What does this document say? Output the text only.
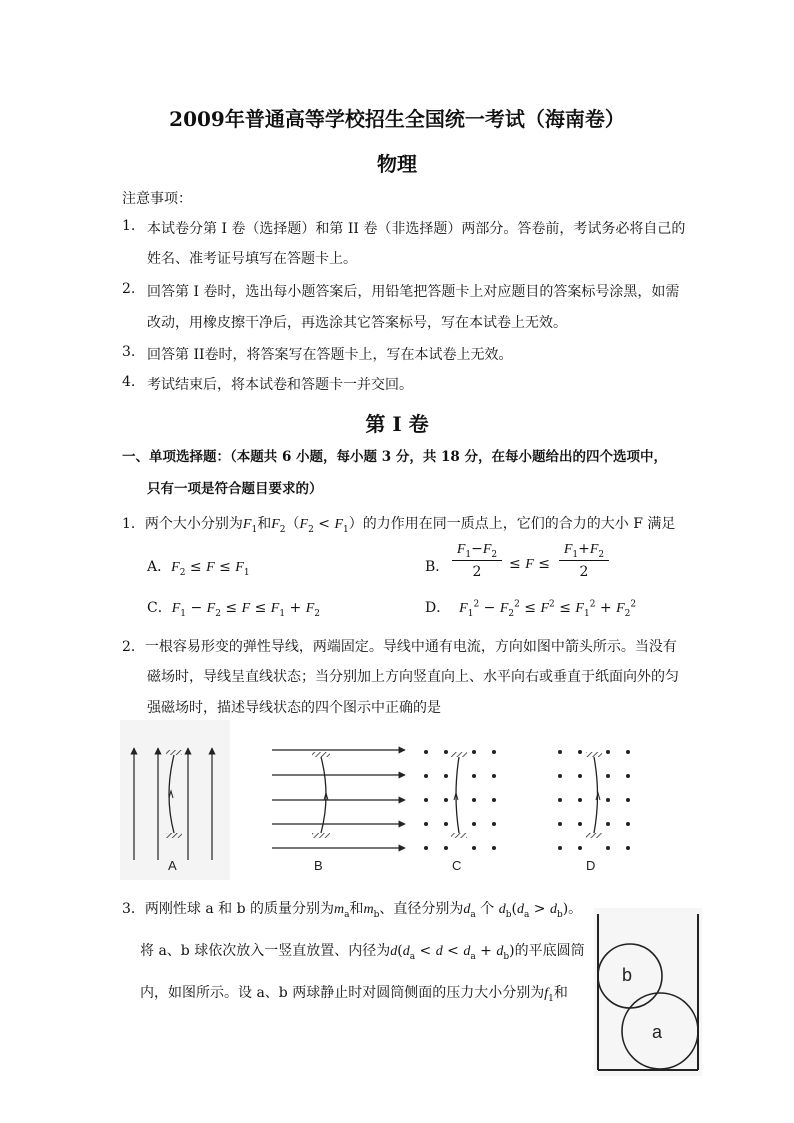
2009年普通高等学校招生全国统一考试（海南卷）
物理
注意事项：
1. 本试卷分第 I 卷（选择题）和第 II 卷（非选择题）两部分。答卷前，考试务必将自己的
姓名、准考证号填写在答题卡上。
2. 回答第 I 卷时，选出每小题答案后，用铅笔把答题卡上对应题目的答案标号涂黑，如需
改动，用橡皮擦干净后，再选涂其它答案标号，写在本试卷上无效。
3. 回答第 II卷时，将答案写在答题卡上，写在本试卷上无效。
4. 考试结束后，将本试卷和答题卡一并交回。
第 I 卷
一、单项选择题：（本题共 6 小题，每小题 3 分，共 18 分，在每小题给出的四个选项中，
只有一项是符合题目要求的）
1．两个大小分别为$F_1$和$F_2(F_2 < F_1)$的力作用在同一质点上，它们的合力的大小 F 满足
A．$F_2 \le F \le F_1$	B．
$F_1-F_2$
2	≤ F ≤
$F_1+F_2$
2
C．$F_1 - F_2 \le F \le F_1 + F_2$	D． $F_1^2 - F_2^2 \le F^2 \le F_1^2 + F_2^2$
2．一根容易形变的弹性导线，两端固定。导线中通有电流，方向如图中箭头所示。当没有
磁场时，导线呈直线状态；当分别加上方向竖直向上、水平向右或垂直于纸面向外的匀
强磁场时，描述导线状态的四个图示中正确的是
A	B	C	D
3．两刚性球 a 和 b 的质量分别为$m_a$和$m_b$、直径分别为$d_a$ 个 $d_b(d_a > d_b)$。
将 a、b 球依次放入一竖直放置、内径为$d(d_a < d < d_a + d_b)$的平底圆筒
内，如图所示。设 a、b 两球静止时对圆筒侧面的压力大小分别为$f_1$和
b
a
